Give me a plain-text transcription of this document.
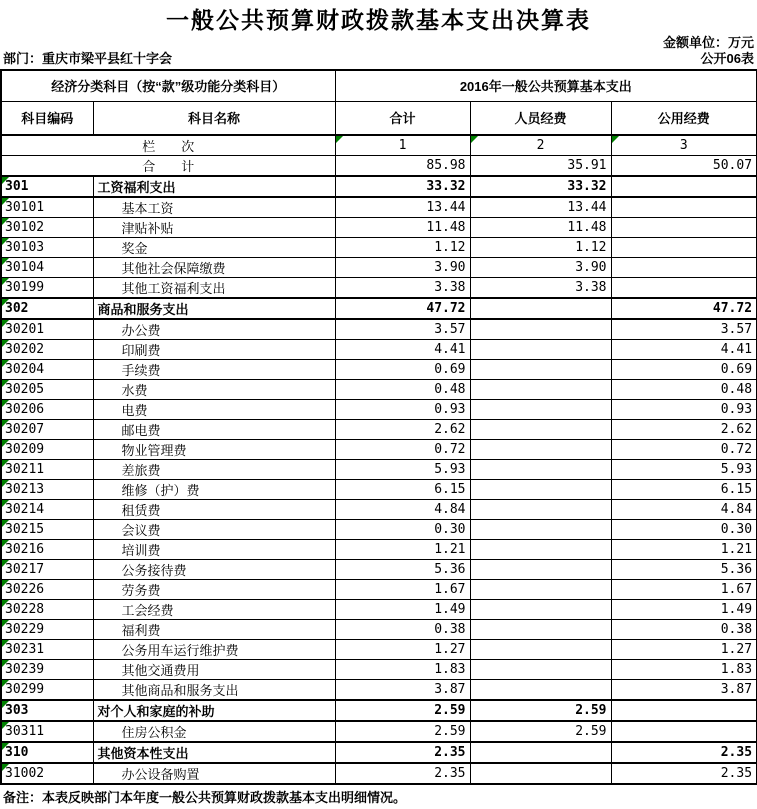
一般公共预算财政拨款基本支出决算表
金额单位：万元
部门：重庆市梁平县红十字会	公开06表
经济分类科目（按“款”级功能分类科目）		2016年一般公共预算基本支出		
科目编码	科目名称	合计	人员经费	公用经费
栏　　次		1	2	3
合　　计		85.98	35.91	50.07

301	工资福利支出	33.32	33.32	

30101	基本工资	13.44	13.44	

30102	津贴补贴	11.48	11.48	

30103	奖金	1.12	1.12	

30104	其他社会保障缴费	3.90	3.90	

30199	其他工资福利支出	3.38	3.38	

302	商品和服务支出	47.72		47.72

30201	办公费	3.57		3.57

30202	印刷费	4.41		4.41

30204	手续费	0.69		0.69

30205	水费	0.48		0.48

30206	电费	0.93		0.93

30207	邮电费	2.62		2.62

30209	物业管理费	0.72		0.72

30211	差旅费	5.93		5.93

30213	维修（护）费	6.15		6.15

30214	租赁费	4.84		4.84

30215	会议费	0.30		0.30

30216	培训费	1.21		1.21

30217	公务接待费	5.36		5.36

30226	劳务费	1.67		1.67

30228	工会经费	1.49		1.49

30229	福利费	0.38		0.38

30231	公务用车运行维护费	1.27		1.27

30239	其他交通费用	1.83		1.83

30299	其他商品和服务支出	3.87		3.87

303	对个人和家庭的补助	2.59	2.59	

30311	住房公积金	2.59	2.59	

310	其他资本性支出	2.35		2.35

31002	办公设备购置	2.35		2.35
备注：本表反映部门本年度一般公共预算财政拨款基本支出明细情况。
